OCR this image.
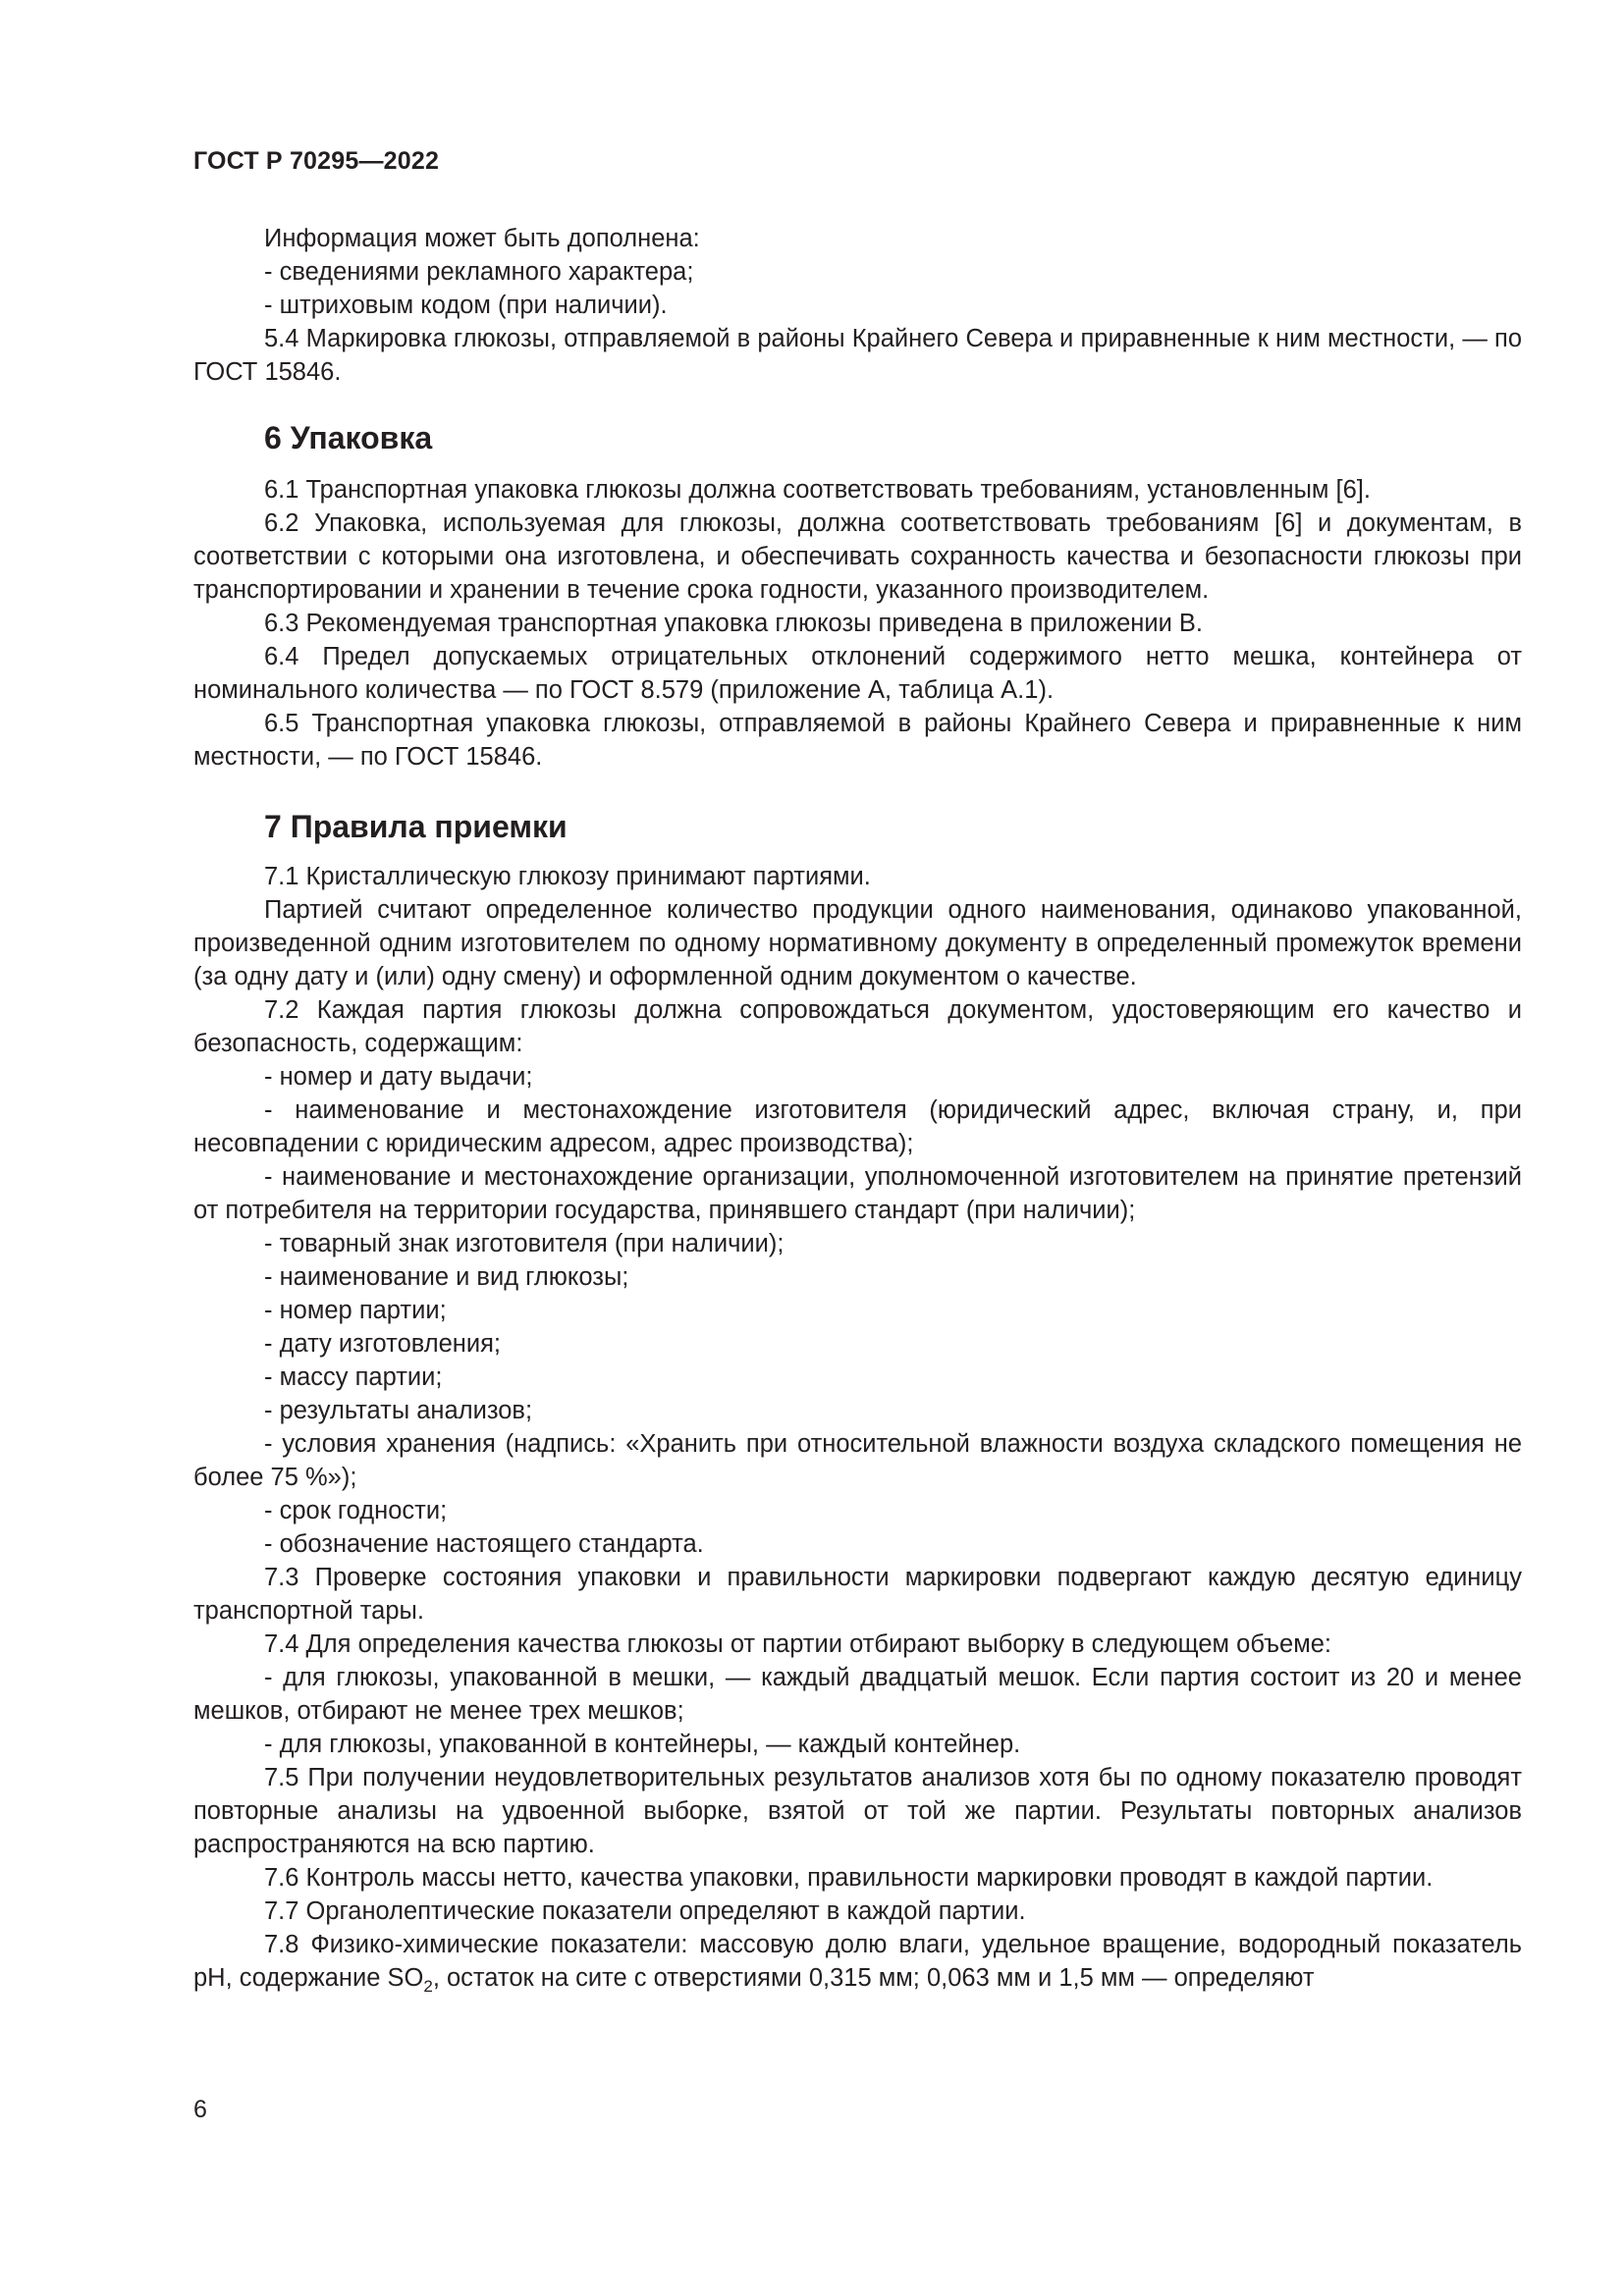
ГОСТ Р 70295—2022

Информация может быть дополнена:

- сведениями рекламного характера;

- штриховым кодом (при наличии).

5.4 Маркировка глюкозы, отправляемой в районы Крайнего Севера и приравненные к ним местности, — по ГОСТ 15846.

6 Упаковка

6.1 Транспортная упаковка глюкозы должна соответствовать требованиям, установленным [6].

6.2 Упаковка, используемая для глюкозы, должна соответствовать требованиям [6] и документам, в соответствии с которыми она изготовлена, и обеспечивать сохранность качества и безопасности глюкозы при транспортировании и хранении в течение срока годности, указанного производителем.

6.3 Рекомендуемая транспортная упаковка глюкозы приведена в приложении В.

6.4 Предел допускаемых отрицательных отклонений содержимого нетто мешка, контейнера от номинального количества — по ГОСТ 8.579 (приложение А, таблица А.1).

6.5 Транспортная упаковка глюкозы, отправляемой в районы Крайнего Севера и приравненные к ним местности, — по ГОСТ 15846.

7 Правила приемки

7.1 Кристаллическую глюкозу принимают партиями.

Партией считают определенное количество продукции одного наименования, одинаково упакованной, произведенной одним изготовителем по одному нормативному документу в определенный промежуток времени (за одну дату и (или) одну смену) и оформленной одним документом о качестве.

7.2 Каждая партия глюкозы должна сопровождаться документом, удостоверяющим его качество и безопасность, содержащим:

- номер и дату выдачи;

- наименование и местонахождение изготовителя (юридический адрес, включая страну, и, при несовпадении с юридическим адресом, адрес производства);

- наименование и местонахождение организации, уполномоченной изготовителем на принятие претензий от потребителя на территории государства, принявшего стандарт (при наличии);

- товарный знак изготовителя (при наличии);

- наименование и вид глюкозы;

- номер партии;

- дату изготовления;

- массу партии;

- результаты анализов;

- условия хранения (надпись: «Хранить при относительной влажности воздуха складского помещения не более 75 %»);

- срок годности;

- обозначение настоящего стандарта.

7.3 Проверке состояния упаковки и правильности маркировки подвергают каждую десятую единицу транспортной тары.

7.4 Для определения качества глюкозы от партии отбирают выборку в следующем объеме:

- для глюкозы, упакованной в мешки, — каждый двадцатый мешок. Если партия состоит из 20 и менее мешков, отбирают не менее трех мешков;

- для глюкозы, упакованной в контейнеры, — каждый контейнер.

7.5 При получении неудовлетворительных результатов анализов хотя бы по одному показателю проводят повторные анализы на удвоенной выборке, взятой от той же партии. Результаты повторных анализов распространяются на всю партию.

7.6 Контроль массы нетто, качества упаковки, правильности маркировки проводят в каждой партии.

7.7 Органолептические показатели определяют в каждой партии.

7.8 Физико-химические показатели: массовую долю влаги, удельное вращение, водородный показатель pH, содержание $SO_2$, остаток на сите с отверстиями 0,315 мм; 0,063 мм и 1,5 мм — определяют

6
